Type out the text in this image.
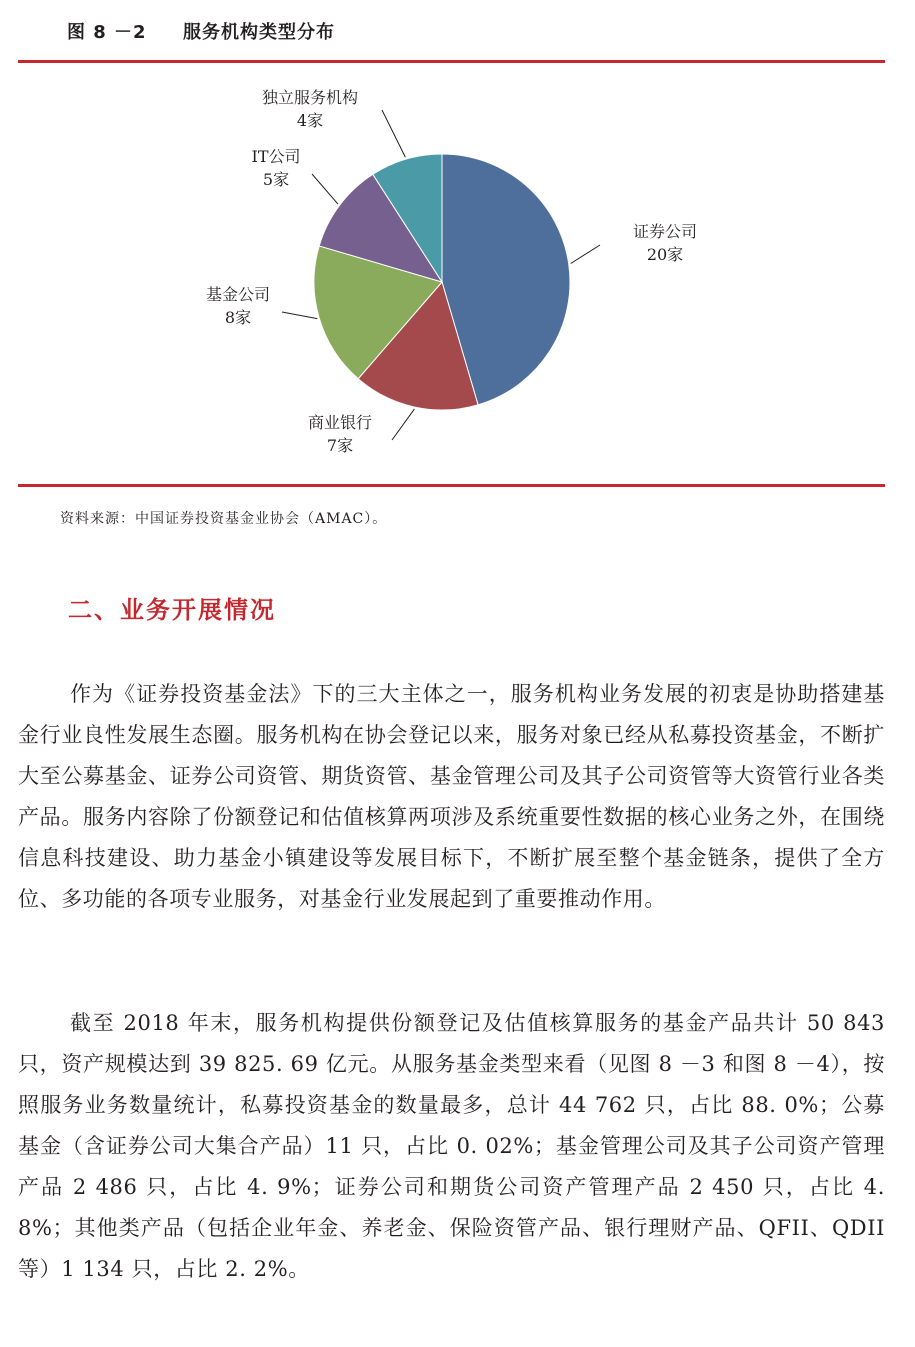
图 8 －2 服务机构类型分布
证券公司
20家
商业银行
7家
基金公司
8家
IT公司
5家
独立服务机构
4家
资料来源：中国证券投资基金业协会（AMAC）。
二、业务开展情况

作为《证券投资基金法》下的三大主体之一，服务机构业务发展的初衷是协助搭建基金行业良性发展生态圈。服务机构在协会登记以来，服务对象已经从私募投资基金，不断扩大至公募基金、证券公司资管、期货资管、基金管理公司及其子公司资管等大资管行业各类产品。服务内容除了份额登记和估值核算两项涉及系统重要性数据的核心业务之外，在围绕信息科技建设、助力基金小镇建设等发展目标下，不断扩展至整个基金链条，提供了全方位、多功能的各项专业服务，对基金行业发展起到了重要推动作用。

截至 2018 年末，服务机构提供份额登记及估值核算服务的基金产品共计 50 843 只，资产规模达到 39 825. 69 亿元。从服务基金类型来看（见图 8 －3 和图 8 －4），按照服务业务数量统计，私募投资基金的数量最多，总计 44 762 只，占比 88. 0%；公募基金（含证券公司大集合产品）11 只，占比 0. 02%；基金管理公司及其子公司资产管理产品 2 486 只，占比 4. 9%；证券公司和期货公司资产管理产品 2 450 只，占比 4. 8%；其他类产品（包括企业年金、养老金、保险资管产品、银行理财产品、QFII、QDII 等）1 134 只，占比 2. 2%。
